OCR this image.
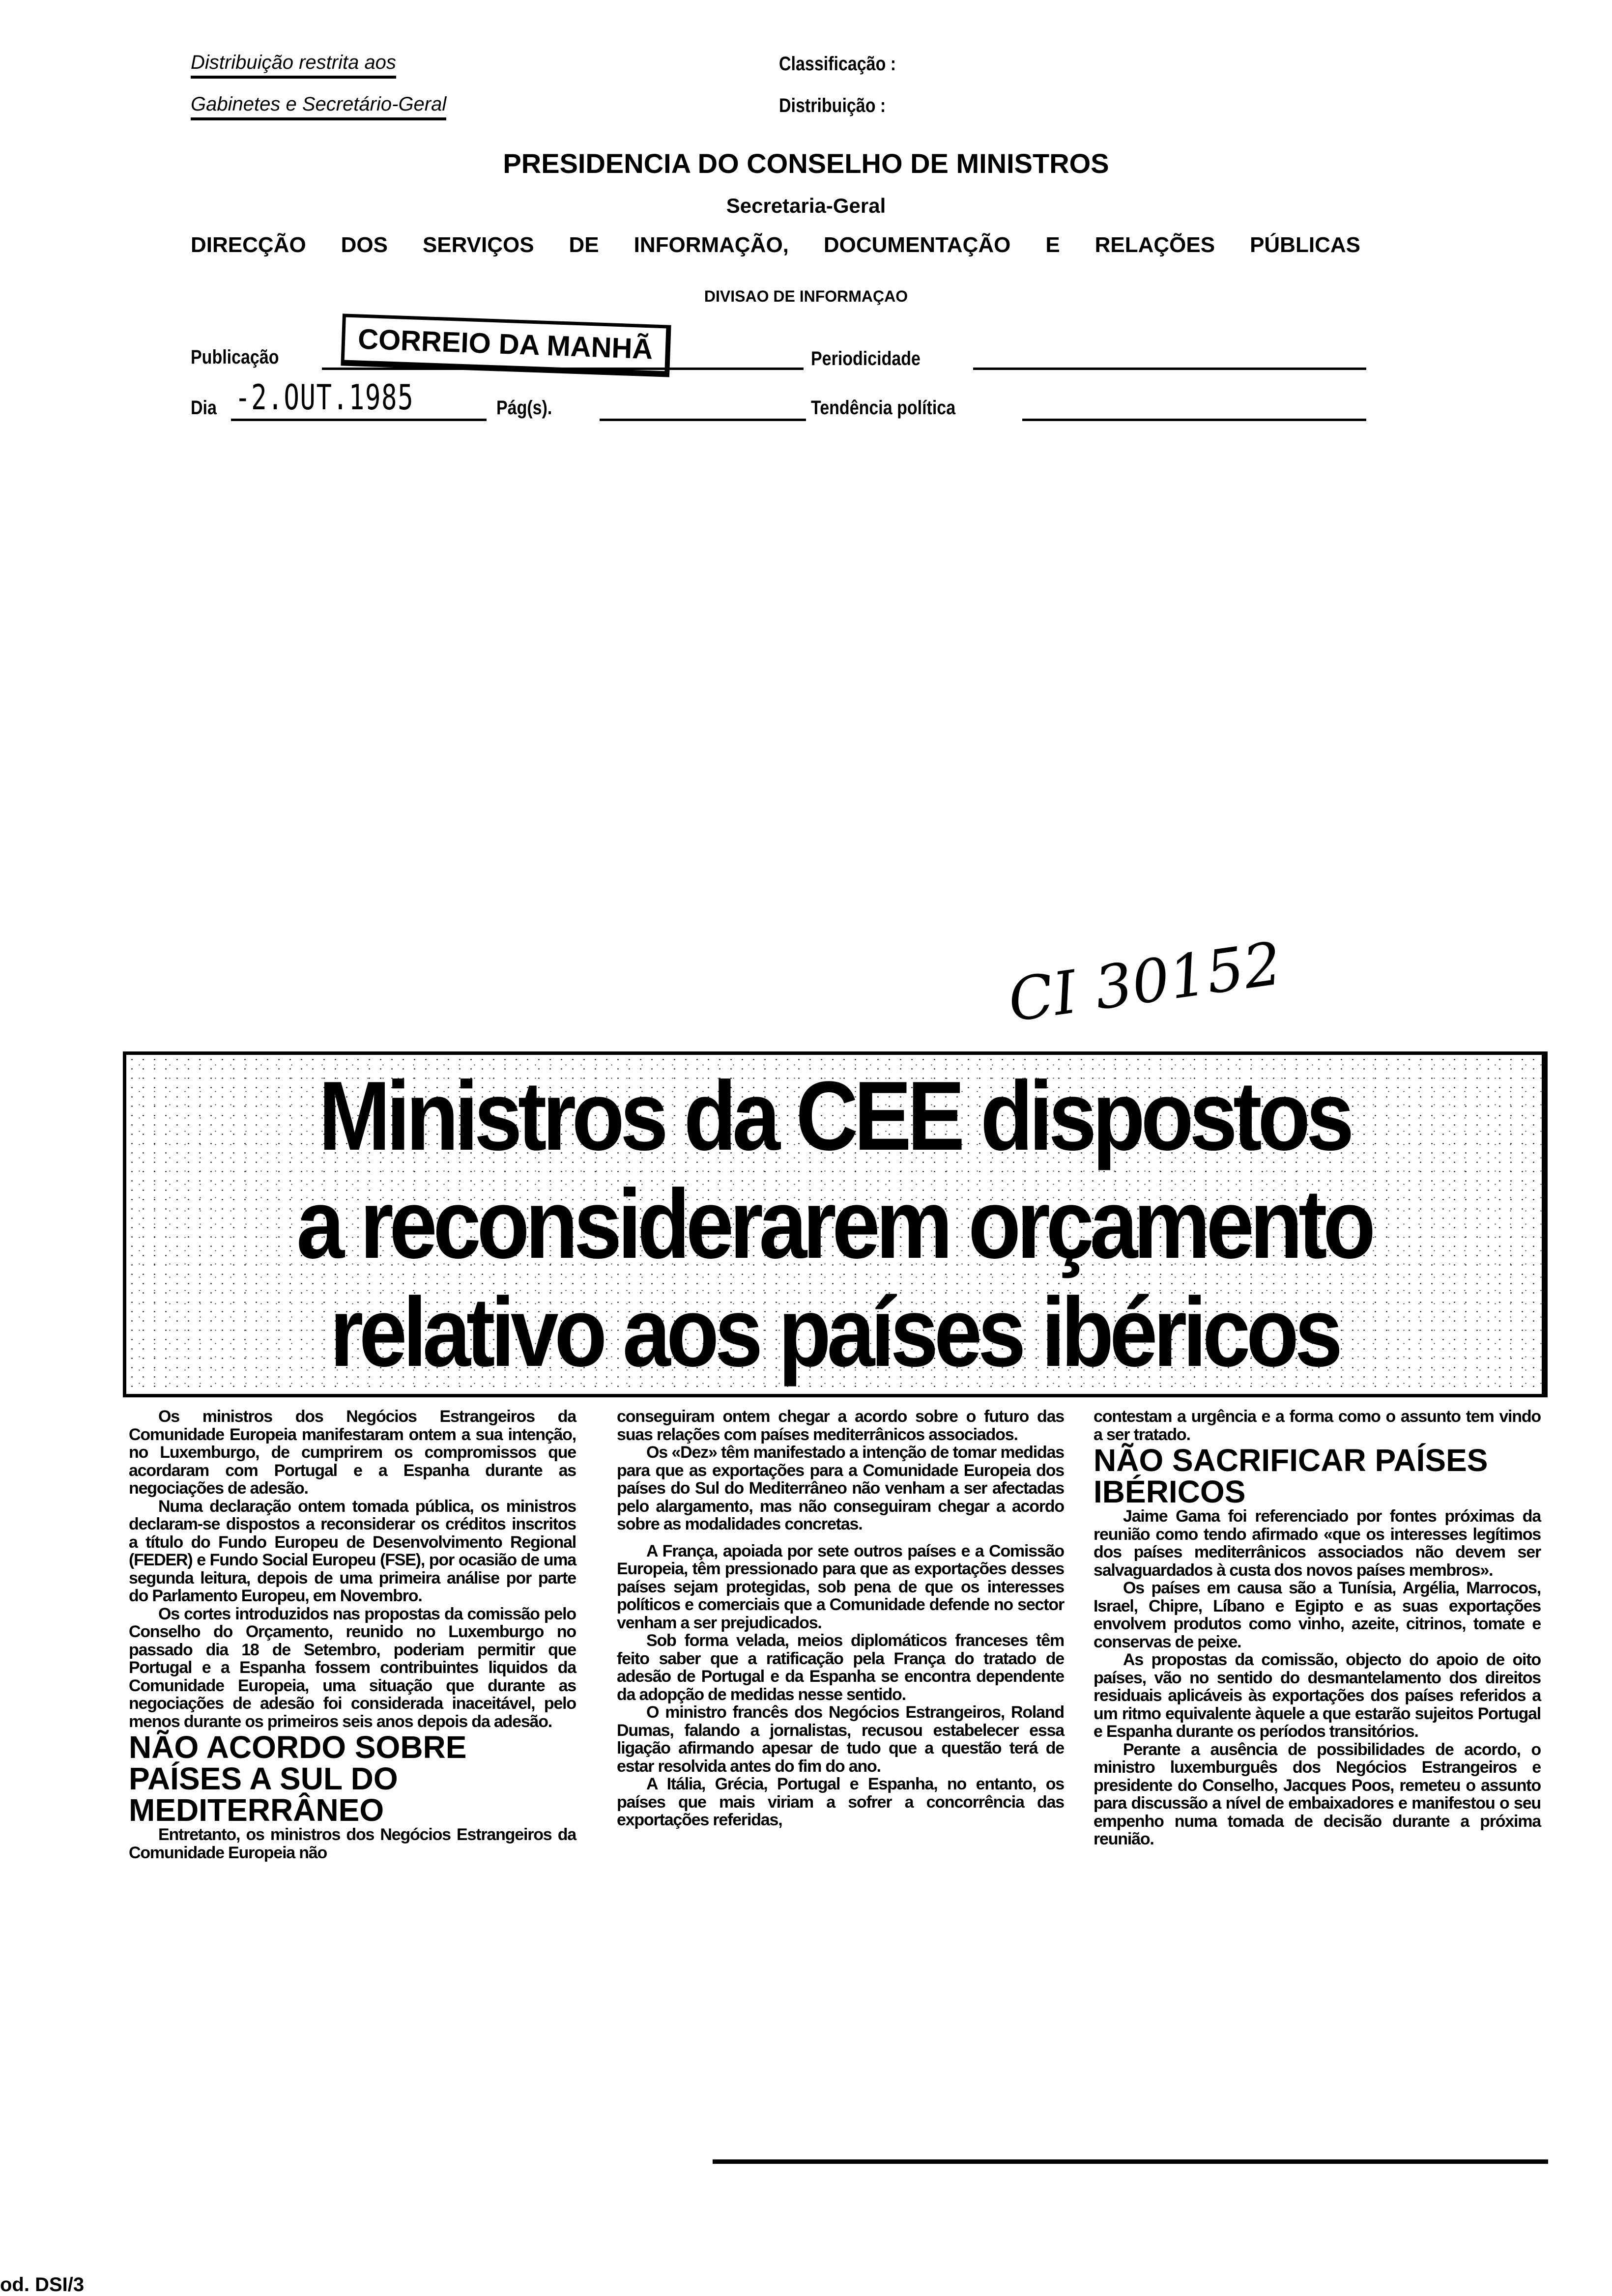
Distribuição restrita aos
Gabinetes e Secretário-Geral
Classificação :
Distribuição :
PRESIDENCIA DO CONSELHO DE MINISTROS
Secretaria-Geral
DIRECÇÃO DOS SERVIÇOS DE INFORMAÇÃO, DOCUMENTAÇÃO E RELAÇÕES PÚBLICAS
DIVISAO DE INFORMAÇAO
Publicação	CORREIO DA MANHÃ	Periodicidade
Dia -2.OUT.1985	Pág(s).	Tendência política
CI 30152
Ministros da CEE dispostos
a reconsiderarem orçamento
relativo aos países ibéricos

Os ministros dos Negócios Estrangeiros da Comunidade Europeia manifestaram ontem a sua intenção, no Luxemburgo, de cumprirem os compromissos que acordaram com Portugal e a Espanha durante as negociações de adesão.

Numa declaração ontem tomada pública, os ministros declaram-se dispostos a reconsiderar os créditos inscritos a título do Fundo Europeu de Desenvolvimento Regional (FEDER) e Fundo Social Europeu (FSE), por ocasião de uma segunda leitura, depois de uma primeira análise por parte do Parlamento Europeu, em Novembro.

Os cortes introduzidos nas propostas da comissão pelo Conselho do Orçamento, reunido no Luxemburgo no passado dia 18 de Setembro, poderiam permitir que Portugal e a Espanha fossem contribuintes liquidos da Comunidade Europeia, uma situação que durante as negociações de adesão foi considerada inaceitável, pelo menos durante os primeiros seis anos depois da adesão.

NÃO ACORDO SOBRE PAÍSES A SUL DO MEDITERRÂNEO

Entretanto, os ministros dos Negócios Estrangeiros da Comunidade Europeia não

conseguiram ontem chegar a acordo sobre o futuro das suas relações com países mediterrânicos associados.

Os «Dez» têm manifestado a intenção de tomar medidas para que as exportações para a Comunidade Europeia dos países do Sul do Mediterrâneo não venham a ser afectadas pelo alargamento, mas não conseguiram chegar a acordo sobre as modalidades concretas.

A França, apoiada por sete outros países e a Comissão Europeia, têm pressionado para que as exportações desses países sejam protegidas, sob pena de que os interesses políticos e comerciais que a Comunidade defende no sector venham a ser prejudicados.

Sob forma velada, meios diplomáticos franceses têm feito saber que a ratificação pela França do tratado de adesão de Portugal e da Espanha se encontra dependente da adopção de medidas nesse sentido.

O ministro francês dos Negócios Estrangeiros, Roland Dumas, falando a jornalistas, recusou estabelecer essa ligação afirmando apesar de tudo que a questão terá de estar resolvida antes do fim do ano.

A Itália, Grécia, Portugal e Espanha, no entanto, os países que mais viriam a sofrer a concorrência das exportações referidas,

contestam a urgência e a forma como o assunto tem vindo a ser tratado.

NÃO SACRIFICAR PAÍSES IBÉRICOS

Jaime Gama foi referenciado por fontes próximas da reunião como tendo afirmado «que os interesses legítimos dos países mediterrânicos associados não devem ser salvaguardados à custa dos novos países membros».

Os países em causa são a Tunísia, Argélia, Marrocos, Israel, Chipre, Líbano e Egipto e as suas exportações envolvem produtos como vinho, azeite, citrinos, tomate e conservas de peixe.

As propostas da comissão, objecto do apoio de oito países, vão no sentido do desmantelamento dos direitos residuais aplicáveis às exportações dos países referidos a um ritmo equivalente àquele a que estarão sujeitos Portugal e Espanha durante os períodos transitórios.

Perante a ausência de possibilidades de acordo, o ministro luxemburguês dos Negócios Estrangeiros e presidente do Conselho, Jacques Poos, remeteu o assunto para discussão a nível de embaixadores e manifestou o seu empenho numa tomada de decisão durante a próxima reunião.

od. DSI/3
